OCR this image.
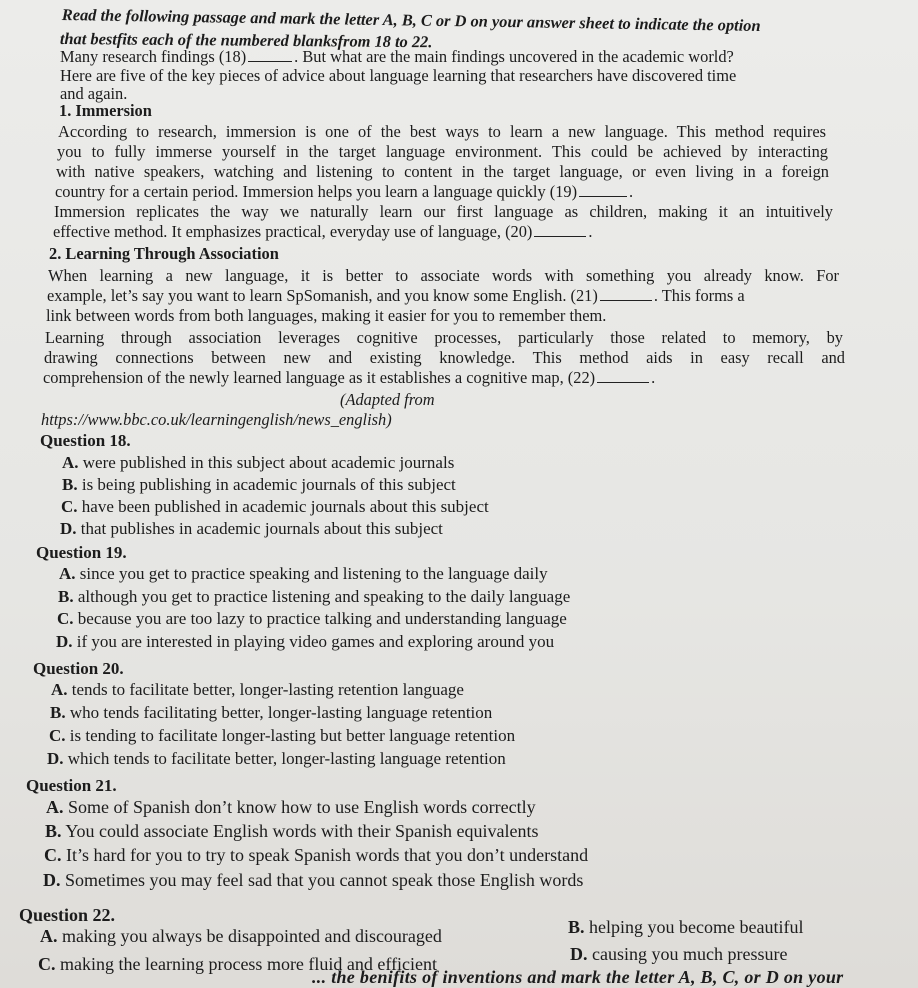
Read the following passage and mark the letter A, B, C or D on your answer sheet to indicate the option
that bestfits each of the numbered blanksfrom 18 to 22.
Many research findings (18)	. But what are the main findings uncovered in the academic world?
Here are five of the key pieces of advice about language learning that researchers have discovered time
and again.
1. Immersion
According to research, immersion is one of the best ways to learn a new language. This method requires
you to fully immerse yourself in the target language environment. This could be achieved by interacting
with native speakers, watching and listening to content in the target language, or even living in a foreign
country for a certain period. Immersion helps you learn a language quickly (19)	.
Immersion replicates the way we naturally learn our first language as children, making it an intuitively
effective method. It emphasizes practical, everyday use of language, (20)	.
2. Learning Through Association
When learning a new language, it is better to associate words with something you already know. For
example, let’s say you want to learn SpSomanish, and you know some English. (21)	. This forms a
link between words from both languages, making it easier for you to remember them.
Learning through association leverages cognitive processes, particularly those related to memory, by
drawing connections between new and existing knowledge. This method aids in easy recall and
comprehension of the newly learned language as it establishes a cognitive map, (22)	.
(Adapted from
https://www.bbc.co.uk/learningenglish/news_english)
Question 18.
A. were published in this subject about academic journals
B. is being publishing in academic journals of this subject
C. have been published in academic journals about this subject
D. that publishes in academic journals about this subject
Question 19.
A. since you get to practice speaking and listening to the language daily
B. although you get to practice listening and speaking to the daily language
C. because you are too lazy to practice talking and understanding language
D. if you are interested in playing video games and exploring around you
Question 20.
A. tends to facilitate better, longer-lasting retention language
B. who tends facilitating better, longer-lasting language retention
C. is tending to facilitate longer-lasting but better language retention
D. which tends to facilitate better, longer-lasting language retention
Question 21.
A. Some of Spanish don’t know how to use English words correctly
B. You could associate English words with their Spanish equivalents
C. It’s hard for you to try to speak Spanish words that you don’t understand
D. Sometimes you may feel sad that you cannot speak those English words
Question 22.
A. making you always be disappointed and discouraged	B. helping you become beautiful
C. making the learning process more fluid and efficient	D. causing you much pressure
... the benifits of inventions and mark the letter A, B, C, or D on your
